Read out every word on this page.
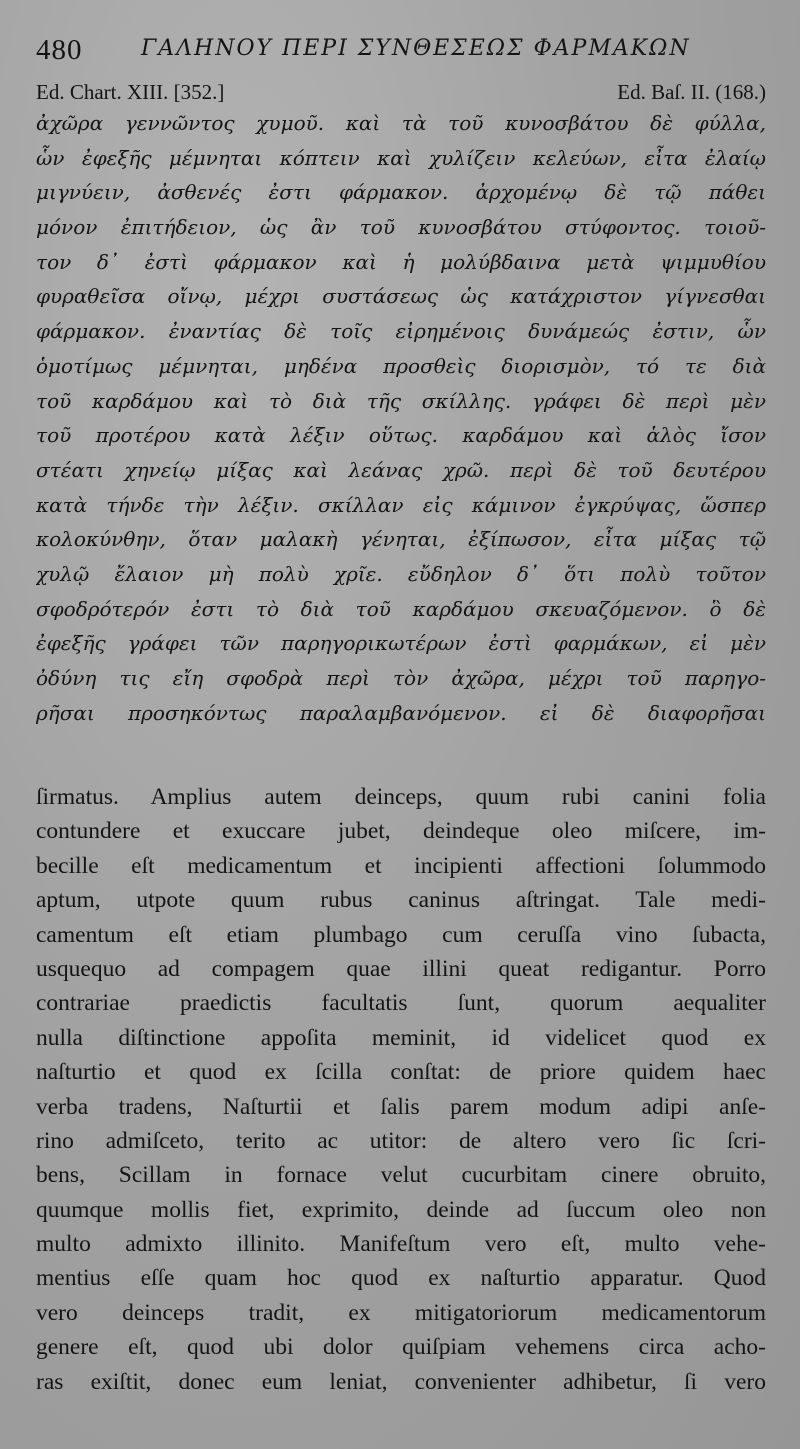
480	ΓΑΛΗΝΟΥ ΠΕΡΙ ΣΥΝΘΕΣΕΩΣ ΦΑΡΜΑΚΩΝ
Ed. Chart. XIII. [352.]	Ed. Baſ. II. (168.)
ἀχῶρα γεννῶντος χυμοῦ. καὶ τὰ τοῦ κυνοσβάτου δὲ φύλλα,
ὧν ἐφεξῆς μέμνηται κόπτειν καὶ χυλίζειν κελεύων, εἶτα ἐλαίῳ
μιγνύειν, ἀσθενές ἐστι φάρμακον. ἀρχομένῳ δὲ τῷ πάθει
μόνον ἐπιτήδειον, ὡς ἂν τοῦ κυνοσβάτου στύφοντος. τοιοῦ-
τον δ᾽ ἐστὶ φάρμακον καὶ ἡ μολύβδαινα μετὰ ψιμμυθίου
φυραθεῖσα οἴνῳ, μέχρι συστάσεως ὡς κατάχριστον γίγνεσθαι
φάρμακον. ἐναντίας δὲ τοῖς εἰρημένοις δυνάμεώς ἐστιν, ὧν
ὁμοτίμως μέμνηται, μηδένα προσθεὶς διορισμὸν, τό τε διὰ
τοῦ καρδάμου καὶ τὸ διὰ τῆς σκίλλης. γράφει δὲ περὶ μὲν
τοῦ προτέρου κατὰ λέξιν οὕτως. καρδάμου καὶ ἁλὸς ἴσον
στέατι χηνείῳ μίξας καὶ λεάνας χρῶ. περὶ δὲ τοῦ δευτέρου
κατὰ τήνδε τὴν λέξιν. σκίλλαν εἰς κάμινον ἐγκρύψας, ὥσπερ
κολοκύνθην, ὅταν μαλακὴ γένηται, ἐξίπωσον, εἶτα μίξας τῷ
χυλῷ ἔλαιον μὴ πολὺ χρῖε. εὔδηλον δ᾽ ὅτι πολὺ τοῦτον
σφοδρότερόν ἐστι τὸ διὰ τοῦ καρδάμου σκευαζόμενον. ὃ δὲ
ἐφεξῆς γράφει τῶν παρηγορικωτέρων ἐστὶ φαρμάκων, εἰ μὲν
ὀδύνη τις εἴη σφοδρὰ περὶ τὸν ἀχῶρα, μέχρι τοῦ παρηγο-
ρῆσαι προσηκόντως παραλαμβανόμενον. εἰ δὲ διαφορῆσαι
ſirmatus. Amplius autem deinceps, quum rubi canini folia
contundere et exuccare jubet, deindeque oleo miſcere, im-
becille eſt medicamentum et incipienti affectioni ſolummodo
aptum, utpote quum rubus caninus aſtringat. Tale medi-
camentum eſt etiam plumbago cum ceruſſa vino ſubacta,
usquequo ad compagem quae illini queat redigantur. Porro
contrariae praedictis facultatis ſunt, quorum aequaliter
nulla diſtinctione appoſita meminit, id videlicet quod ex
naſturtio et quod ex ſcilla conſtat: de priore quidem haec
verba tradens, Naſturtii et ſalis parem modum adipi anſe-
rino admiſceto, terito ac utitor: de altero vero ſic ſcri-
bens, Scillam in fornace velut cucurbitam cinere obruito,
quumque mollis fiet, exprimito, deinde ad ſuccum oleo non
multo admixto illinito. Manifeſtum vero eſt, multo vehe-
mentius eſſe quam hoc quod ex naſturtio apparatur. Quod
vero deinceps tradit, ex mitigatoriorum medicamentorum
genere eſt, quod ubi dolor quiſpiam vehemens circa acho-
ras exiſtit, donec eum leniat, convenienter adhibetur, ſi vero
